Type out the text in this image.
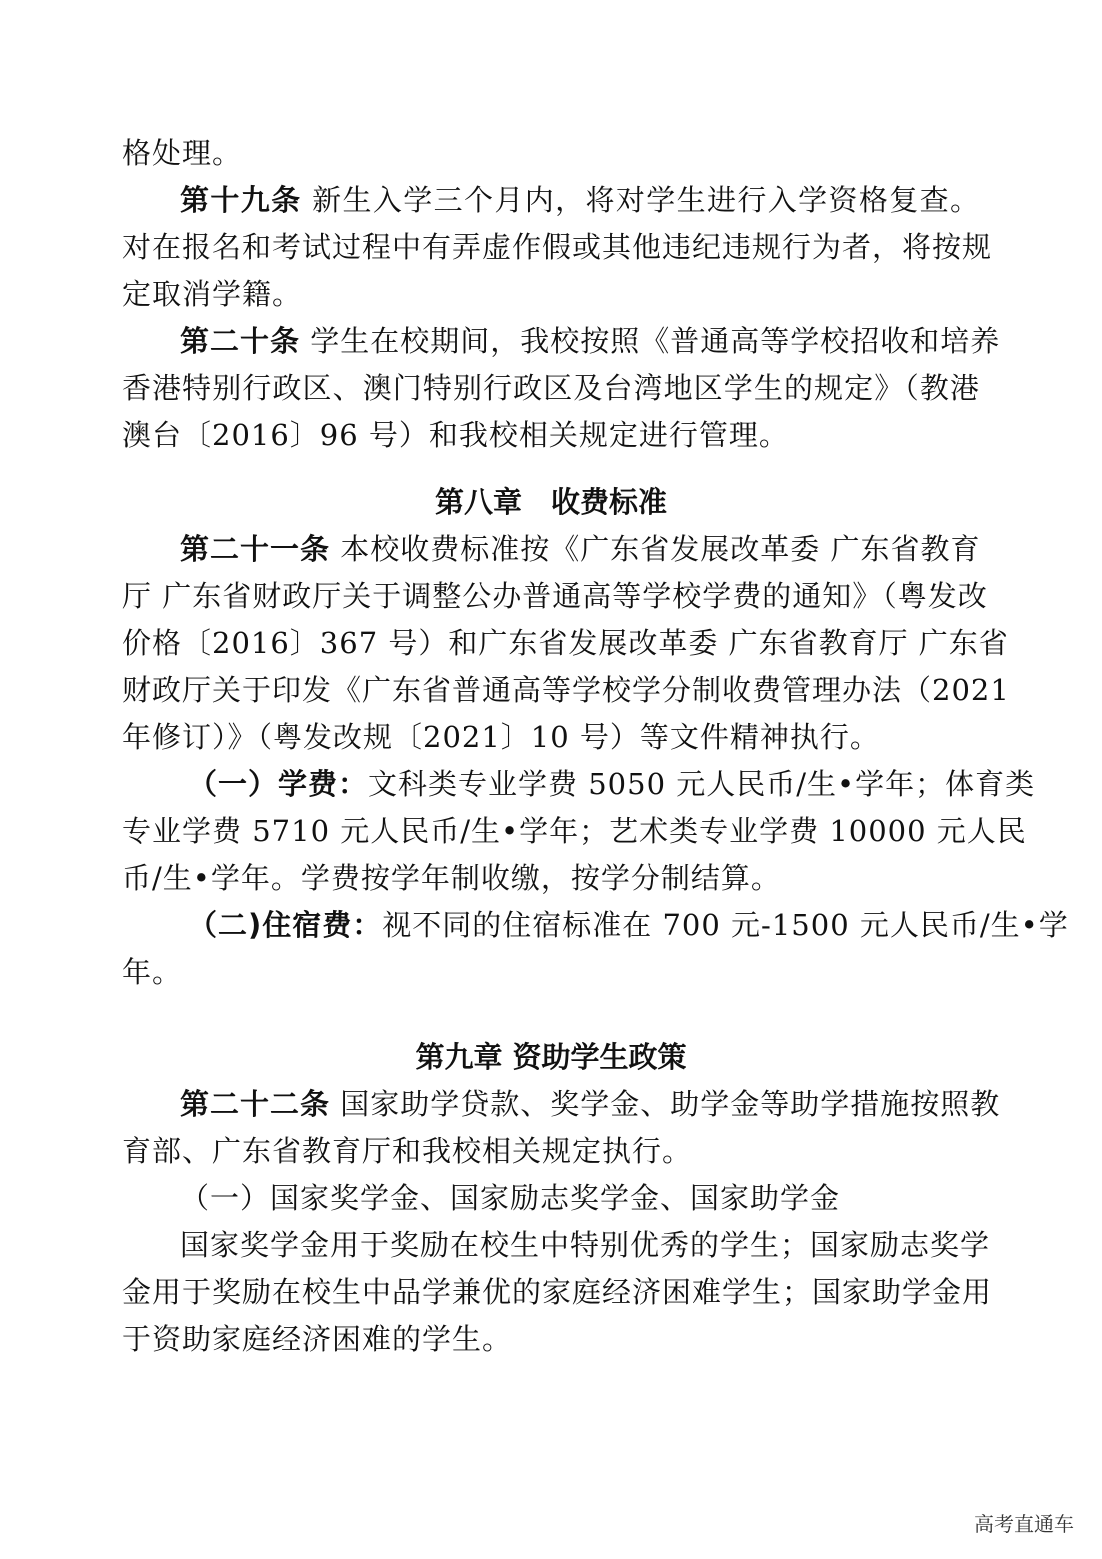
格处理。
第十九条 新生入学三个月内，将对学生进行入学资格复查。
对在报名和考试过程中有弄虚作假或其他违纪违规行为者，将按规
定取消学籍。
第二十条 学生在校期间，我校按照《普通高等学校招收和培养
香港特别行政区、澳门特别行政区及台湾地区学生的规定》（教港
澳台〔2016〕96 号）和我校相关规定进行管理。
第八章　收费标准
第二十一条 本校收费标准按《广东省发展改革委 广东省教育
厅 广东省财政厅关于调整公办普通高等学校学费的通知》（粤发改
价格〔2016〕367 号）和广东省发展改革委 广东省教育厅 广东省
财政厅关于印发《广东省普通高等学校学分制收费管理办法（2021
年修订）》（粤发改规〔2021〕10 号）等文件精神执行。
（一）学费：文科类专业学费 5050 元人民币/生•学年；体育类
专业学费 5710 元人民币/生•学年；艺术类专业学费 10000 元人民
币/生•学年。学费按学年制收缴，按学分制结算。
（二)住宿费：视不同的住宿标准在 700 元-1500 元人民币/生•学
年。
第九章 资助学生政策
第二十二条 国家助学贷款、奖学金、助学金等助学措施按照教
育部、广东省教育厅和我校相关规定执行。
（一）国家奖学金、国家励志奖学金、国家助学金
国家奖学金用于奖励在校生中特别优秀的学生；国家励志奖学
金用于奖励在校生中品学兼优的家庭经济困难学生；国家助学金用
于资助家庭经济困难的学生。
高考直通车
